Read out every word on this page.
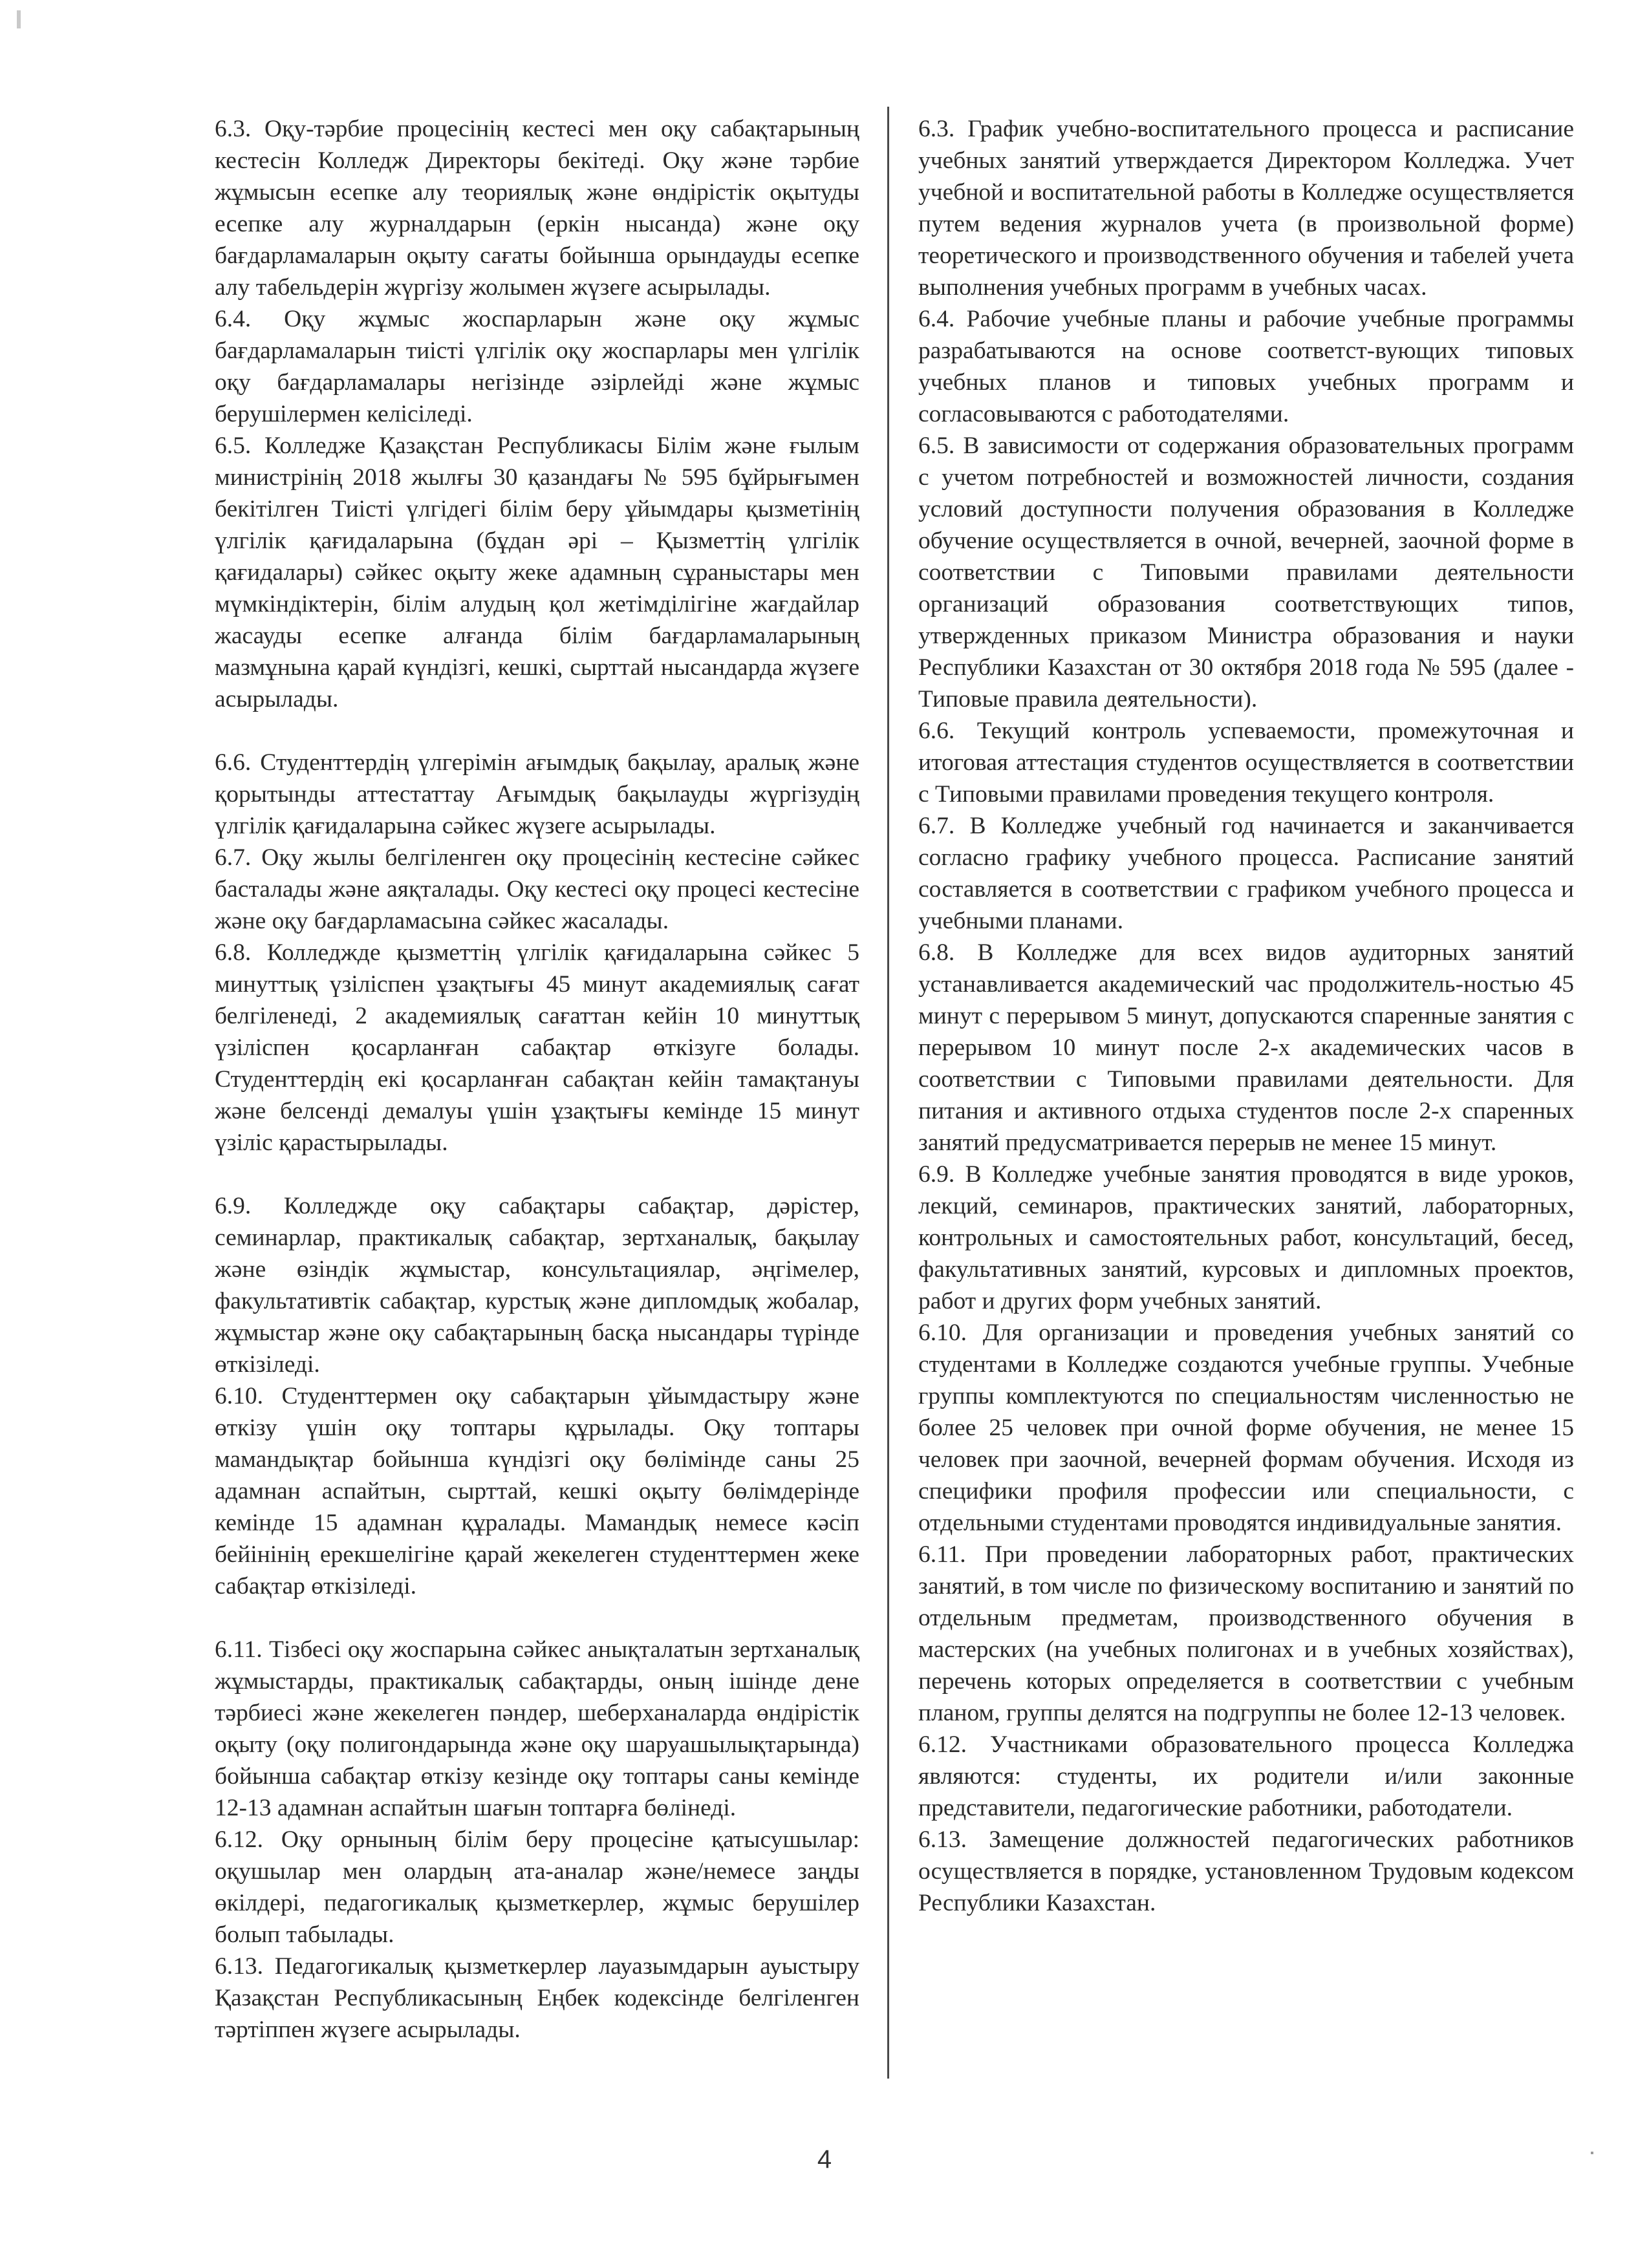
6.3. Оқу-тәрбие процесінің кестесі мен оқу сабақтарының кестесін Колледж Директоры бекітеді. Оқу және тәрбие жұмысын есепке алу теориялық және өндірістік оқытуды есепке алу журналдарын (еркін нысанда) және оқу бағдарламаларын оқыту сағаты бойынша орындауды есепке алу табельдерін жүргізу жолымен жүзеге асырылады.

6.4. Оқу жұмыс жоспарларын және оқу жұмыс бағдарламаларын тиісті үлгілік оқу жоспарлары мен үлгілік оқу бағдарламалары негізінде әзірлейді және жұмыс берушілермен келісіледі.

6.5. Колледже Қазақстан Республикасы Білім және ғылым министрінің 2018 жылғы 30 қазандағы № 595 бұйрығымен бекітілген Тиісті үлгідегі білім беру ұйымдары қызметінің үлгілік қағидаларына (бұдан әрі – Қызметтің үлгілік қағидалары) сәйкес оқыту жеке адамның сұраныстары мен мүмкіндіктерін, білім алудың қол жетімділігіне жағдайлар жасауды есепке алғанда білім бағдарламаларының мазмұнына қарай күндізгі, кешкі, сырттай нысандарда жүзеге асырылады.

6.6. Студенттердің үлгерімін ағымдық бақылау, аралық және қорытынды аттестаттау Ағымдық бақылауды жүргізудің үлгілік қағидаларына сәйкес жүзеге асырылады.

6.7. Оқу жылы белгіленген оқу процесінің кестесіне сәйкес басталады және аяқталады. Оқу кестесі оқу процесі кестесіне және оқу бағдарламасына сәйкес жасалады.

6.8. Колледжде қызметтің үлгілік қағидаларына сәйкес 5 минуттық үзіліспен ұзақтығы 45 минут академиялық сағат белгіленеді, 2 академиялық сағаттан кейін 10 минуттық үзіліспен қосарланған сабақтар өткізуге болады. Студенттердің екі қосарланған сабақтан кейін тамақтануы және белсенді демалуы үшін ұзақтығы кемінде 15 минут үзіліс қарастырылады.

6.9. Колледжде оқу сабақтары сабақтар, дәрістер, семинарлар, практикалық сабақтар, зертханалық, бақылау және өзіндік жұмыстар, консультациялар, әңгімелер, факультативтік сабақтар, курстық және дипломдық жобалар, жұмыстар және оқу сабақтарының басқа нысандары түрінде өткізіледі.

6.10. Студенттермен оқу сабақтарын ұйымдастыру және өткізу үшін оқу топтары құрылады. Оқу топтары мамандықтар бойынша күндізгі оқу бөлімінде саны 25 адамнан аспайтын, сырттай, кешкі оқыту бөлімдерінде кемінде 15 адамнан құралады. Мамандық немесе кәсіп бейінінің ерекшелігіне қарай жекелеген студенттермен жеке сабақтар өткізіледі.

6.11. Тізбесі оқу жоспарына сәйкес анықталатын зертханалық жұмыстарды, практикалық сабақтарды, оның ішінде дене тәрбиесі және жекелеген пәндер, шеберханаларда өндірістік оқыту (оқу полигондарында және оқу шаруашылықтарында) бойынша сабақтар өткізу кезінде оқу топтары саны кемінде 12-13 адамнан аспайтын шағын топтарға бөлінеді.

6.12. Оқу орнының білім беру процесіне қатысушылар: оқушылар мен олардың ата-аналар және/немесе заңды өкілдері, педагогикалық қызметкерлер, жұмыс берушілер болып табылады.

6.13. Педагогикалық қызметкерлер лауазымдарын ауыстыру Қазақстан Республикасының Еңбек кодексінде белгіленген тәртіппен жүзеге асырылады.

6.3. График учебно-воспитательного процесса и расписание учебных занятий утверждается Директором Колледжа. Учет учебной и воспитательной работы в Колледже осуществляется путем ведения журналов учета (в произвольной форме) теоретического и производственного обучения и табелей учета выполнения учебных программ в учебных часах.

6.4. Рабочие учебные планы и рабочие учебные программы разрабатываются на основе соответст-вующих типовых учебных планов и типовых учебных программ и согласовываются с работодателями.

6.5. В зависимости от содержания образовательных программ с учетом потребностей и возможностей личности, создания условий доступности получения образования в Колледже обучение осуществляется в очной, вечерней, заочной форме в соответствии с Типовыми правилами деятельности организаций образования соответствующих типов, утвержденных приказом Министра образования и науки Республики Казахстан от 30 октября 2018 года № 595 (далее - Типовые правила деятельности).

6.6. Текущий контроль успеваемости, промежуточная и итоговая аттестация студентов осуществляется в соответствии с Типовыми правилами проведения текущего контроля.

6.7. В Колледже учебный год начинается и заканчивается согласно графику учебного процесса. Расписание занятий составляется в соответствии с графиком учебного процесса и учебными планами.

6.8. В Колледже для всех видов аудиторных занятий устанавливается академический час продолжитель-ностью 45 минут с перерывом 5 минут, допускаются спаренные занятия с перерывом 10 минут после 2-х академических часов в соответствии с Типовыми правилами деятельности. Для питания и активного отдыха студентов после 2-х спаренных занятий предусматривается перерыв не менее 15 минут.

6.9. В Колледже учебные занятия проводятся в виде уроков, лекций, семинаров, практических занятий, лабораторных, контрольных и самостоятельных работ, консультаций, бесед, факультативных занятий, курсовых и дипломных проектов, работ и других форм учебных занятий.

6.10. Для организации и проведения учебных занятий со студентами в Колледже создаются учебные группы. Учебные группы комплектуются по специальностям численностью не более 25 человек при очной форме обучения, не менее 15 человек при заочной, вечерней формам обучения. Исходя из специфики профиля профессии или специальности, с отдельными студентами проводятся индивидуальные занятия.

6.11. При проведении лабораторных работ, практических занятий, в том числе по физическому воспитанию и занятий по отдельным предметам, производственного обучения в мастерских (на учебных полигонах и в учебных хозяйствах), перечень которых определяется в соответствии с учебным планом, группы делятся на подгруппы не более 12-13 человек.

6.12. Участниками образовательного процесса Колледжа являются: студенты, их родители и/или законные представители, педагогические работники, работодатели.

6.13. Замещение должностей педагогических работников осуществляется в порядке, установленном Трудовым кодексом Республики Казахстан.

4
